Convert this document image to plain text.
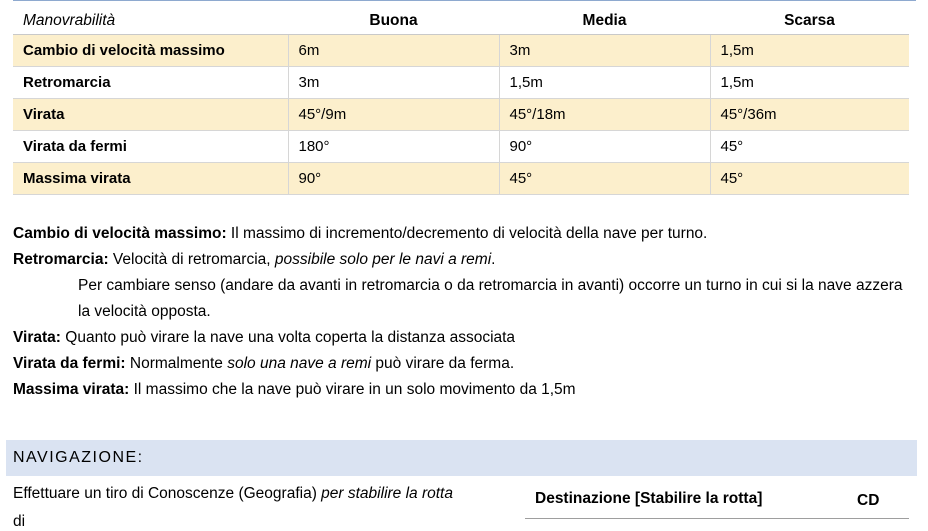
Manovrabilità	Buona	Media	Scarsa
Cambio di velocità massimo	6m	3m	1,5m
Retromarcia	3m	1,5m	1,5m
Virata	45°/9m	45°/18m	45°/36m
Virata da fermi	180°	90°	45°
Massima virata	90°	45°	45°

Cambio di velocità massimo: Il massimo di incremento/decremento di velocità della nave per turno.

Retromarcia: Velocità di retromarcia, possibile solo per le navi a remi.

Per cambiare senso (andare da avanti in retromarcia o da retromarcia in avanti) occorre un turno in cui si la nave azzera la velocità opposta.

Virata: Quanto può virare la nave una volta coperta la distanza associata

Virata da fermi: Normalmente solo una nave a remi può virare da ferma.

Massima virata: Il massimo che la nave può virare in un solo movimento da 1,5m

NAVIGAZIONE:
Effettuare un tiro di Conoscenze (Geografia) per stabilire la rotta
di
Destinazione [Stabilire la rotta]	CD
